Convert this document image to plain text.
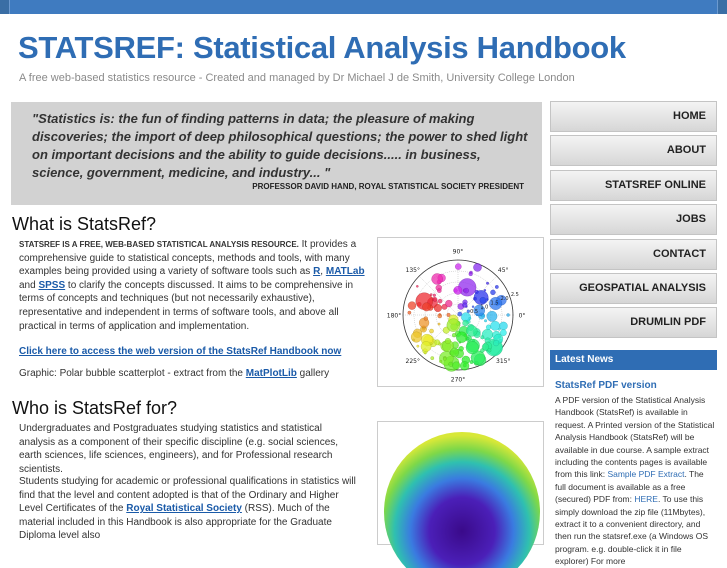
STATSREF: Statistical Analysis Handbook
A free web-based statistics resource - Created and managed by Dr Michael J de Smith, University College London
"Statistics is: the fun of finding patterns in data; the pleasure of making discoveries; the import of deep philosophical questions; the power to shed light on important decisions and the ability to guide decisions..... in business, science, government, medicine, and industry... "
PROFESSOR DAVID HAND, ROYAL STATISTICAL SOCIETY PRESIDENT
What is StatsRef?
STATSREF IS A FREE, WEB-BASED STATISTICAL ANALYSIS RESOURCE. It provides a comprehensive guide to statistical concepts, methods and tools, with many examples being provided using a variety of software tools such as R, MATLab and SPSS to clarify the concepts discussed. It aims to be comprehensive in terms of concepts and techniques (but not necessarily exhaustive), representative and independent in terms of software tools, and above all practical in terms of application and implementation.
Click here to access the web version of the StatsRef Handbook now
Graphic: Polar bubble scatterplot - extract from the MatPlotLib gallery
90°
45°
0°
315°
270°
225°
180°
135°
0.5
1.0
1.5
2.0
2.5
Who is StatsRef for?
Undergraduates and Postgraduates studying statistics and statistical analysis as a component of their specific discipline (e.g. social sciences, earth sciences, life sciences, engineers), and for Professional research scientists.
Students studying for academic or professional qualifications in statistics will find that the level and content adopted is that of the Ordinary and Higher Level Certificates of the Royal Statistical Society (RSS). Much of the material included in this Handbook is also appropriate for the Graduate Diploma level also
HOME
ABOUT
STATSREF ONLINE
JOBS
CONTACT
GEOSPATIAL ANALYSIS
DRUMLIN PDF
Latest News
StatsRef PDF version
A PDF version of the Statistical Analysis Handbook (StatsRef) is available in request. A Printed version of the Statistical Analysis Handbook (StatsRef) will be available in due course. A sample extract including the contents pages is available from this link: Sample PDF Extract. The full document is available as a free (secured) PDF from: HERE. To use this simply download the zip file (11Mbytes), extract it to a convenient directory, and then run the statsref.exe (a Windows OS program. e.g. double-click it in file explorer) For more
